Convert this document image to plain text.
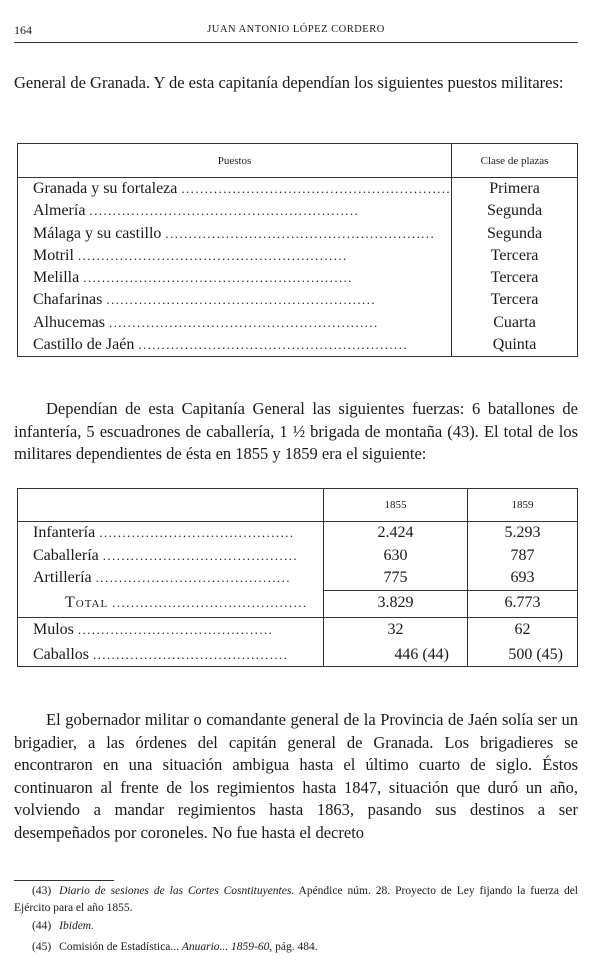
164	JUAN ANTONIO LÓPEZ CORDERO
General de Granada. Y de esta capitanía dependían los siguientes puestos militares:
Puestos	Clase de plazas

Granada y su fortaleza ..........................................................	Primera

Almería ..........................................................	Segunda

Málaga y su castillo ..........................................................	Segunda

Motril ..........................................................	Tercera

Melilla ..........................................................	Tercera

Chafarinas ..........................................................	Tercera

Alhucemas ..........................................................	Cuarta

Castillo de Jaén ..........................................................	Quinta
Dependían de esta Capitanía General las siguientes fuerzas: 6 batallones de infantería, 5 escuadrones de caballería, 1 ½ brigada de montaña (43). El total de los militares dependientes de ésta en 1855 y 1859 era el siguiente:
	1855	1859

Infantería ..........................................	2.424	5.293

Caballería ..........................................	630	787

Artillería ..........................................	775	693

Total ..........................................	3.829	6.773

Mulos ..........................................	32	62

Caballos ..........................................	446 (44)	500 (45)
El gobernador militar o comandante general de la Provincia de Jaén solía ser un brigadier, a las órdenes del capitán general de Granada. Los brigadieres se encontraron en una situación ambigua hasta el último cuarto de siglo. Éstos continuaron al frente de los regimientos hasta 1847, situación que duró un año, volviendo a mandar regimientos hasta 1863, pasando sus destinos a ser desempeñados por coroneles. No fue hasta el decreto
(43) Diario de sesiones de las Cortes Cosntituyentes. Apéndice núm. 28. Proyecto de Ley fijando la fuerza del Ejército para el año 1855.
(44) Ibidem.
(45) Comisión de Estadística... Anuario... 1859-60, pág. 484.
